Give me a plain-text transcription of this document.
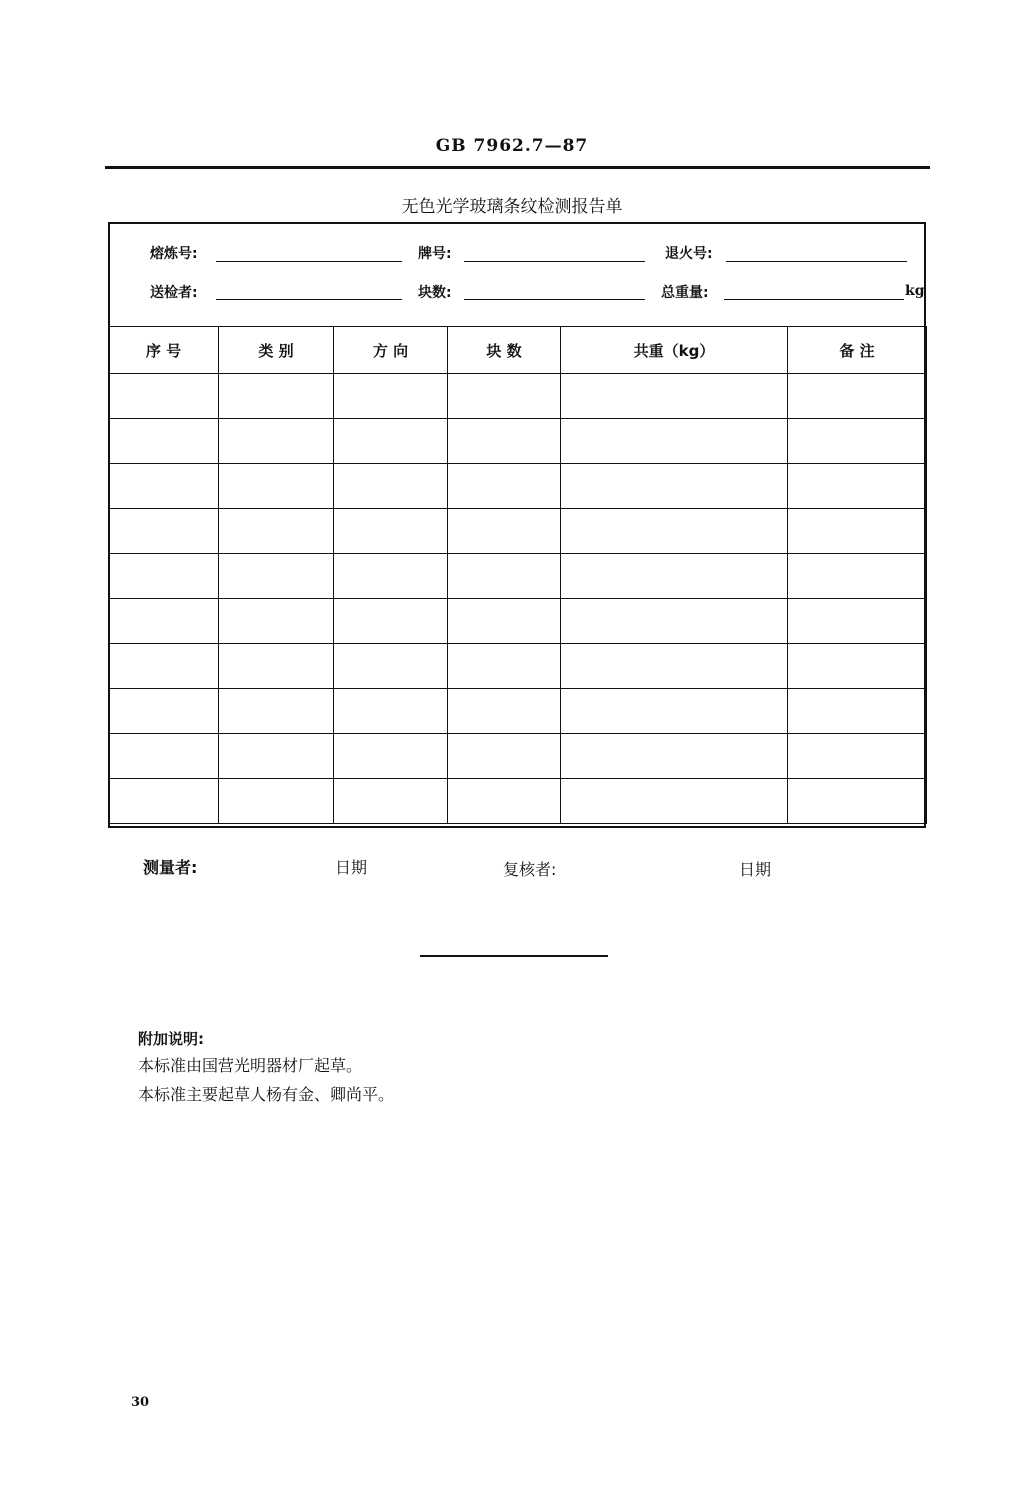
GB 7962.7—87
无色光学玻璃条纹检测报告单
熔炼号:	牌号:	退火号:
送检者:	块数:	总重量:	kg
序 号	类 别	方 向	块 数	共重（kg）	备 注

测量者:	日期	复核者:	日期
附加说明:
本标准由国营光明器材厂起草。
本标准主要起草人杨有金、卿尚平。
30
